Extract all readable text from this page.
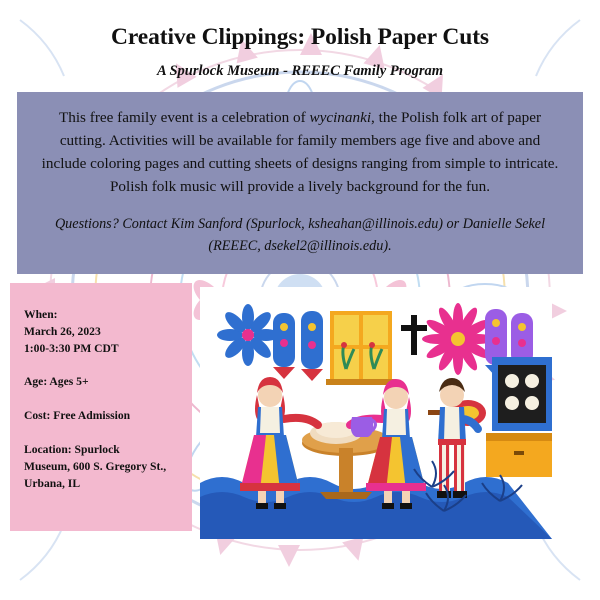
Creative Clippings: Polish Paper Cuts

A Spurlock Museum - REEEC Family Program

This free family event is a celebration of wycinanki, the Polish folk art of paper cutting. Activities will be available for family members age five and above and include coloring pages and cutting sheets of designs ranging from simple to intricate. Polish folk music will provide a lively background for the fun.

Questions? Contact Kim Sanford (Spurlock, ksheahan@illinois.edu) or Danielle Sekel (REEEC, dsekel2@illinois.edu).

When:

March 26, 2023

1:00-3:30 PM CDT

Age: Ages 5+

Cost: Free Admission

Location: Spurlock

Museum, 600 S. Gregory St.,

Urbana, IL
